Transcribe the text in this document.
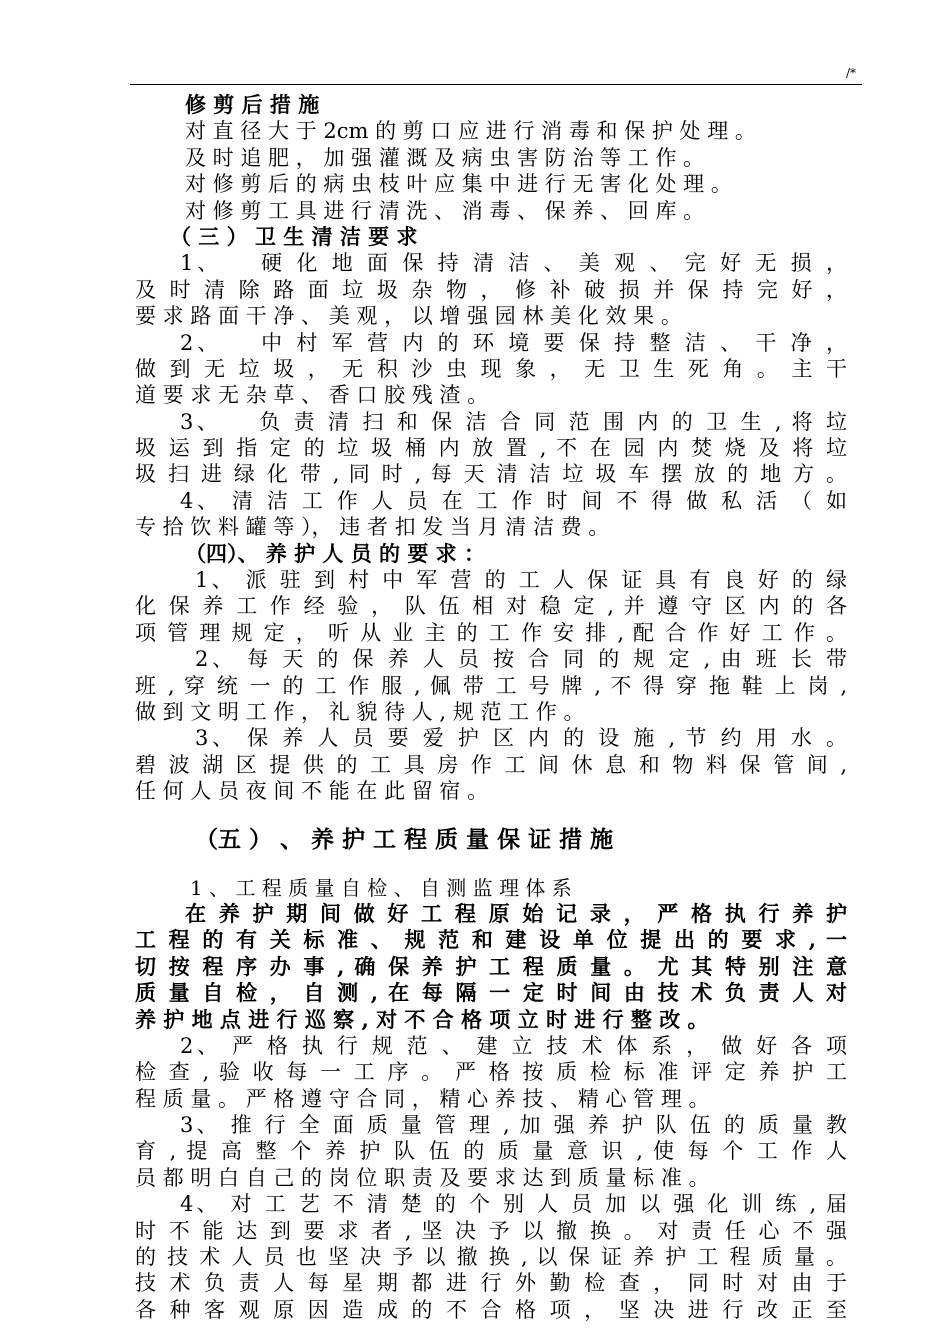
/*
修 剪 后 措 施
对 直 径 大 于 2cm 的 剪 口 应 进 行 消 毒 和 保 护 处 理 。
及 时 追 肥 ， 加 强 灌 溉 及 病 虫 害 防 治 等 工 作 。
对 修 剪 后 的 病 虫 枝 叶 应 集 中 进 行 无 害 化 处 理 。
对 修 剪 工 具 进 行 清 洗 、 消 毒 、 保 养 、 回 库 。
（ 三 ） 卫 生 清 洁 要 求
1、　　硬 化 地 面 保 持 清 洁 、 美 观 、 完 好 无 损 ，
及 时 清 除 路 面 垃 圾 杂 物 ， 修 补 破 损 并 保 持 完 好 ，
要 求 路 面 干 净 、 美 观 ， 以 增 强 园 林 美 化 效 果 。
2、　　中 村 军 营 内 的 环 境 要 保 持 整 洁 、 干 净 ，
做 到 无 垃 圾 ， 无 积 沙 虫 现 象 ， 无 卫 生 死 角 。 主 干
道 要 求 无 杂 草 、 香 口 胶 残 渣 。
3、　　负 责 清 扫 和 保 洁 合 同 范 围 内 的 卫 生 , 将 垃
圾 运 到 指 定 的 垃 圾 桶 内 放 置 , 不 在 园 内 焚 烧 及 将 垃
圾 扫 进 绿 化 带 , 同 时 , 每 天 清 洁 垃 圾 车 摆 放 的 地 方 。
4、 清 洁 工 作 人 员 在 工 作 时 间 不 得 做 私 活 （ 如
专 拾 饮 料 罐 等 ）， 违 者 扣 发 当 月 清 洁 费 。
（四）、 养 护 人 员 的 要 求 ：
1、 派 驻 到 村 中 军 营 的 工 人 保 证 具 有 良 好 的 绿
化 保 养 工 作 经 验 ， 队 伍 相 对 稳 定 , 并 遵 守 区 内 的 各
项 管 理 规 定 ， 听 从 业 主 的 工 作 安 排 , 配 合 作 好 工 作 。
2、 每 天 的 保 养 人 员 按 合 同 的 规 定 , 由 班 长 带
班 , 穿 统 一 的 工 作 服 , 佩 带 工 号 牌 , 不 得 穿 拖 鞋 上 岗 ,
做 到 文 明 工 作 ， 礼 貌 待 人 , 规 范 工 作 。
3、 保 养 人 员 要 爱 护 区 内 的 设 施 , 节 约 用 水 。
碧 波 湖 区 提 供 的 工 具 房 作 工 间 休 息 和 物 料 保 管 间 ,
任 何 人 员 夜 间 不 能 在 此 留 宿 。
（五 ） 、 养 护 工 程 质 量 保 证 措 施
1 、 工 程 质 量 自 检 、 自 测 监 理 体 系
在 养 护 期 间 做 好 工 程 原 始 记 录 ， 严 格 执 行 养 护
工 程 的 有 关 标 准 、 规 范 和 建 设 单 位 提 出 的 要 求 , 一
切 按 程 序 办 事 , 确 保 养 护 工 程 质 量 。 尤 其 特 别 注 意
质 量 自 检 ， 自 测 , 在 每 隔 一 定 时 间 由 技 术 负 责 人 对
养 护 地 点 进 行 巡 察 , 对 不 合 格 项 立 时 进 行 整 改 。
2、 严 格 执 行 规 范 、 建 立 技 术 体 系 ， 做 好 各 项
检 查 , 验 收 每 一 工 序 。 严 格 按 质 检 标 准 评 定 养 护 工
程 质 量 。 严 格 遵 守 合 同 ， 精 心 养 技 、 精 心 管 理 。
3、 推 行 全 面 质 量 管 理 , 加 强 养 护 队 伍 的 质 量 教
育 , 提 高 整 个 养 护 队 伍 的 质 量 意 识 , 使 每 个 工 作 人
员 都 明 白 自 己 的 岗 位 职 责 及 要 求 达 到 质 量 标 准 。
4、 对 工 艺 不 清 楚 的 个 别 人 员 加 以 强 化 训 练 , 届
时 不 能 达 到 要 求 者 , 坚 决 予 以 撤 换 。 对 责 任 心 不 强
的 技 术 人 员 也 坚 决 予 以 撤 换 , 以 保 证 养 护 工 程 质 量 。
技 术 负 责 人 每 星 期 都 进 行 外 勤 检 查 ， 同 时 对 由 于
各 种 客 观 原 因 造 成 的 不 合 格 项 ， 坚 决 进 行 改 正 至
